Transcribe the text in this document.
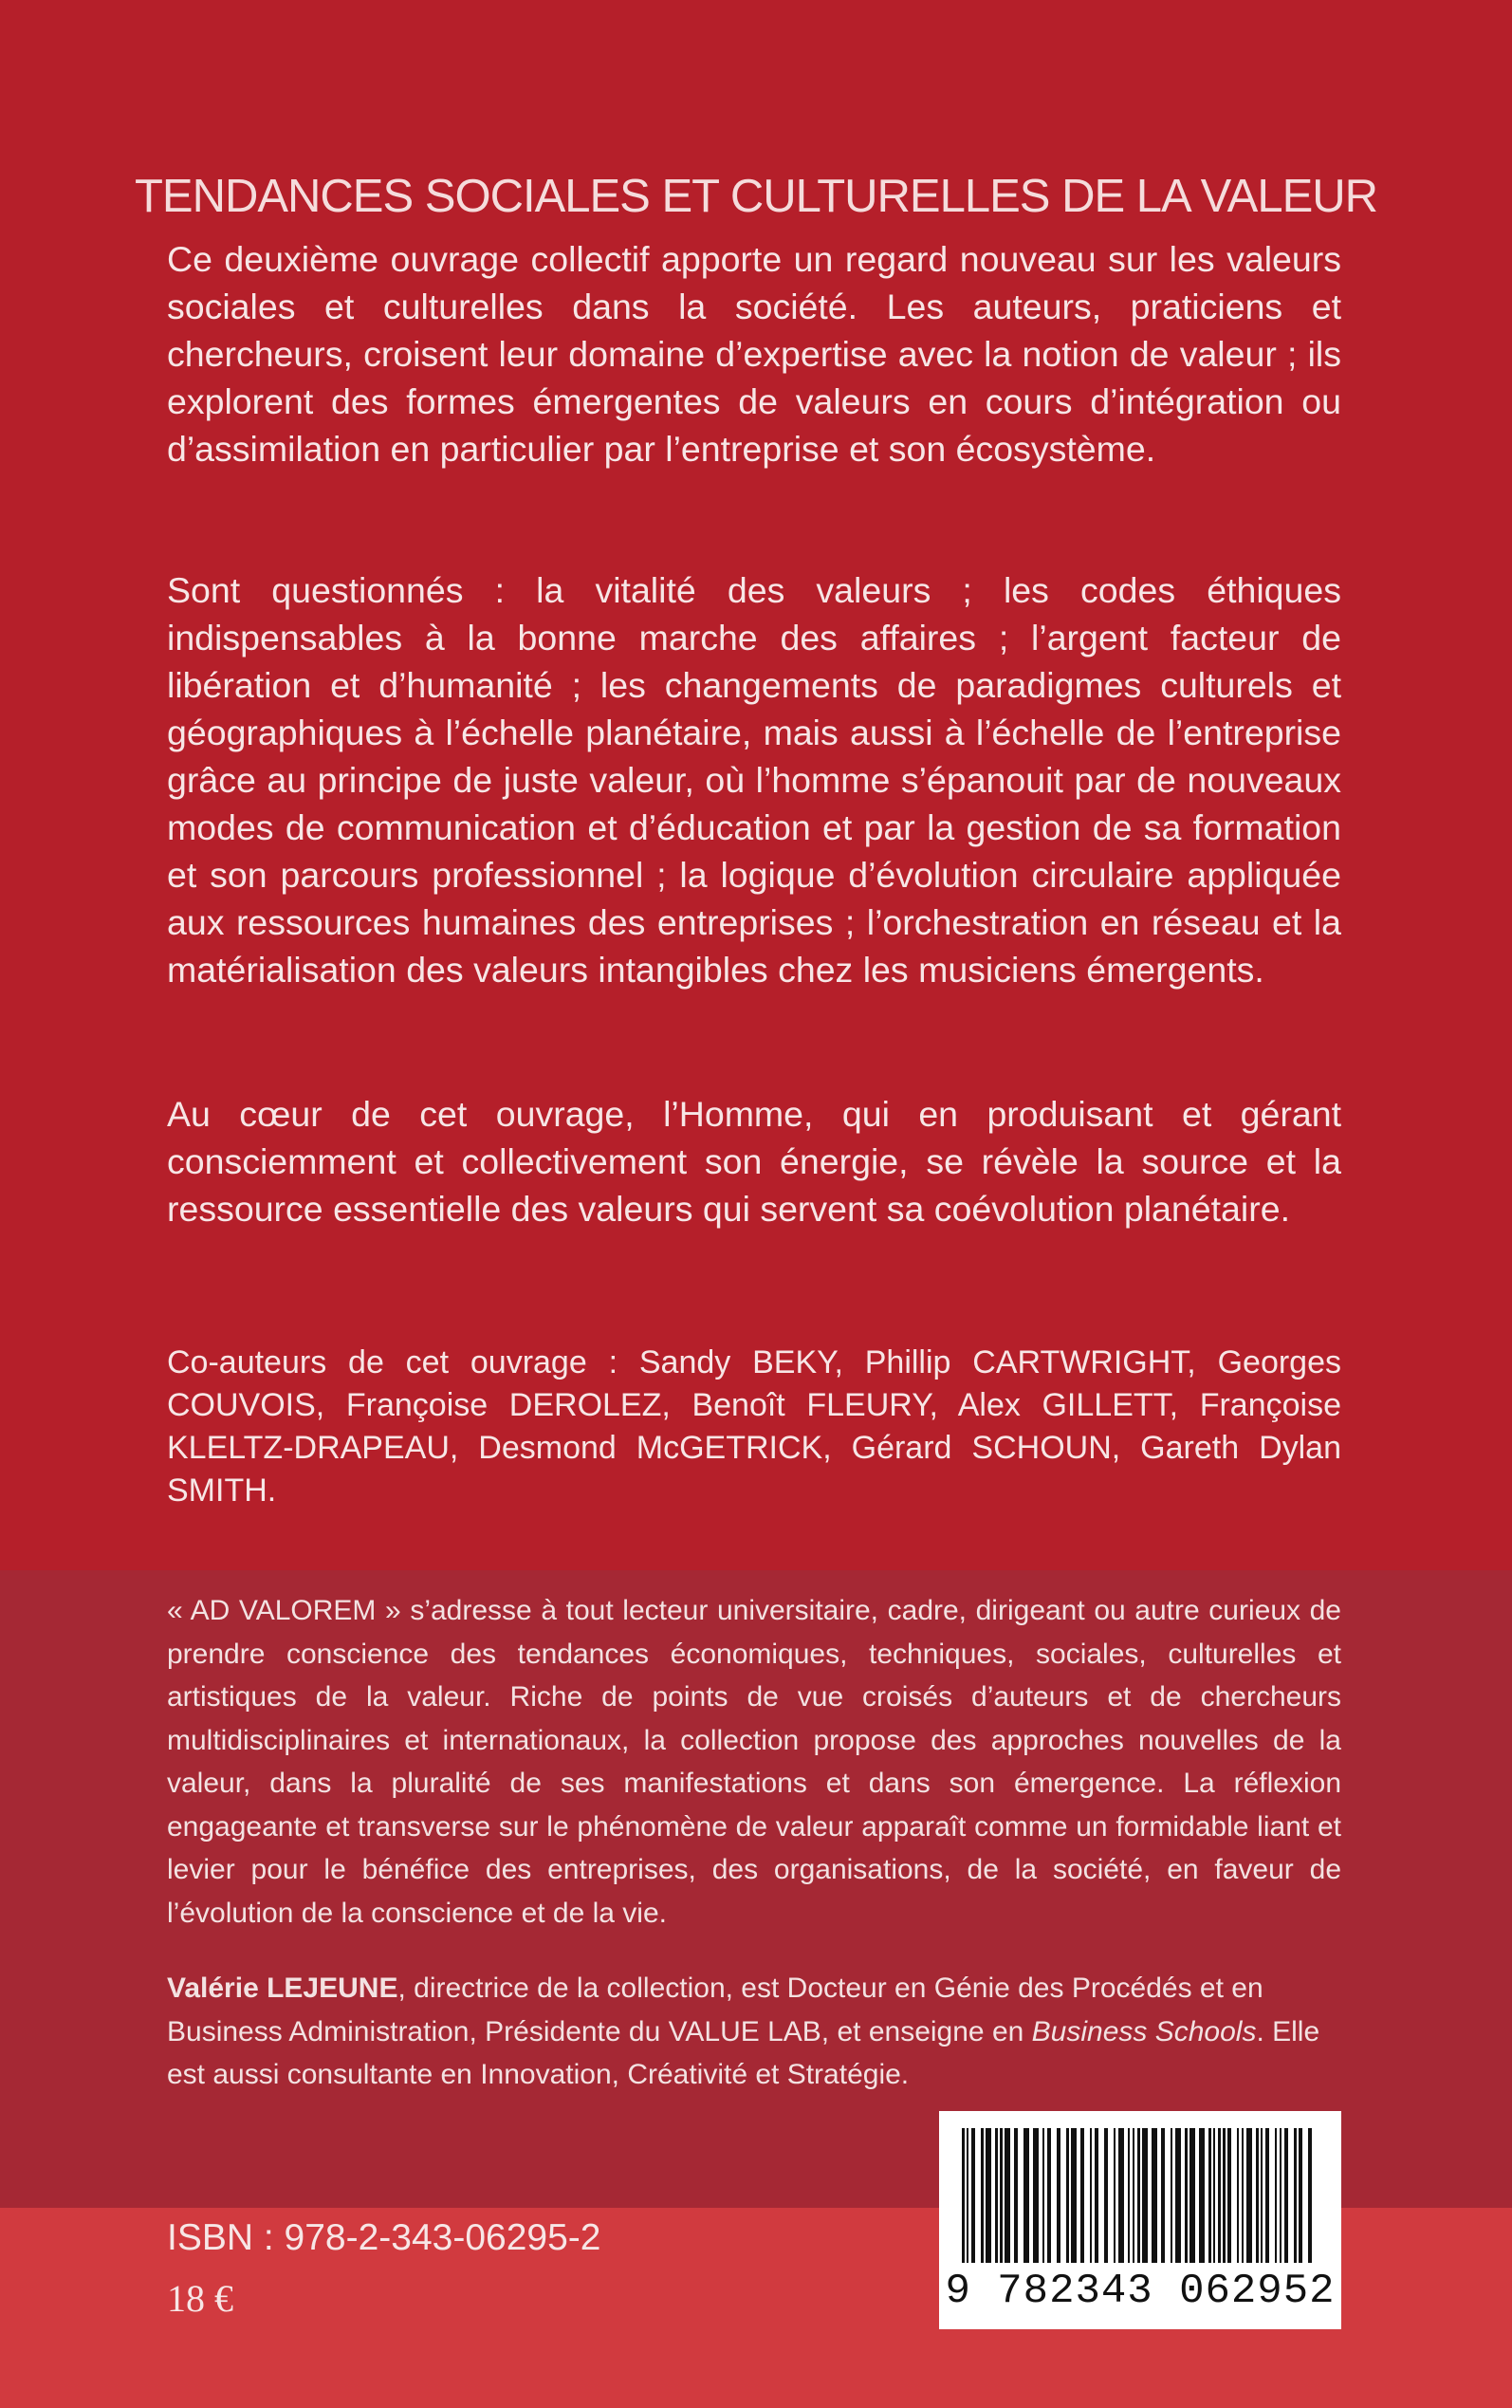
TENDANCES SOCIALES ET CULTURELLES DE LA VALEUR

Ce deuxième ouvrage collectif apporte un regard nouveau sur les valeurs sociales et culturelles dans la société. Les auteurs, praticiens et chercheurs, croisent leur domaine d’expertise avec la notion de valeur ; ils explorent des formes émergentes de valeurs en cours d’intégration ou d’assimilation en particulier par l’entreprise et son écosystème.

Sont questionnés : la vitalité des valeurs ; les codes éthiques indispensables à la bonne marche des affaires ; l’argent facteur de libération et d’humanité ; les changements de paradigmes culturels et géographiques à l’échelle planétaire, mais aussi à l’échelle de l’entreprise grâce au principe de juste valeur, où l’homme s’épanouit par de nouveaux modes de communication et d’éducation et par la gestion de sa formation et son parcours professionnel ; la logique d’évolution circulaire appliquée aux ressources humaines des entreprises ; l’orchestration en réseau et la matérialisation des valeurs intangibles chez les musiciens émergents.

Au cœur de cet ouvrage, l’Homme, qui en produisant et gérant consciemment et collectivement son énergie, se révèle la source et la ressource essentielle des valeurs qui servent sa coévolution planétaire.

Co-auteurs de cet ouvrage : Sandy BEKY, Phillip CARTWRIGHT, Georges COUVOIS, Françoise DEROLEZ, Benoît FLEURY, Alex GILLETT, Françoise KLELTZ-DRAPEAU, Desmond McGETRICK, Gérard SCHOUN, Gareth Dylan SMITH.

« AD VALOREM » s’adresse à tout lecteur universitaire, cadre, dirigeant ou autre curieux de prendre conscience des tendances économiques, techniques, sociales, culturelles et artistiques de la valeur. Riche de points de vue croisés d’auteurs et de chercheurs multidisciplinaires et internationaux, la collection propose des approches nouvelles de la valeur, dans la pluralité de ses manifestations et dans son émergence. La réflexion engageante et transverse sur le phénomène de valeur apparaît comme un formidable liant et levier pour le bénéfice des entreprises, des organisations, de la société, en faveur de l’évolution de la conscience et de la vie.

Valérie LEJEUNE, directrice de la collection, est Docteur en Génie des Procédés et en Business Administration, Présidente du VALUE LAB, et enseigne en Business Schools. Elle est aussi consultante en Innovation, Créativité et Stratégie.

ISBN : 978-2-343-06295-2
18 €	9 782343 062952
